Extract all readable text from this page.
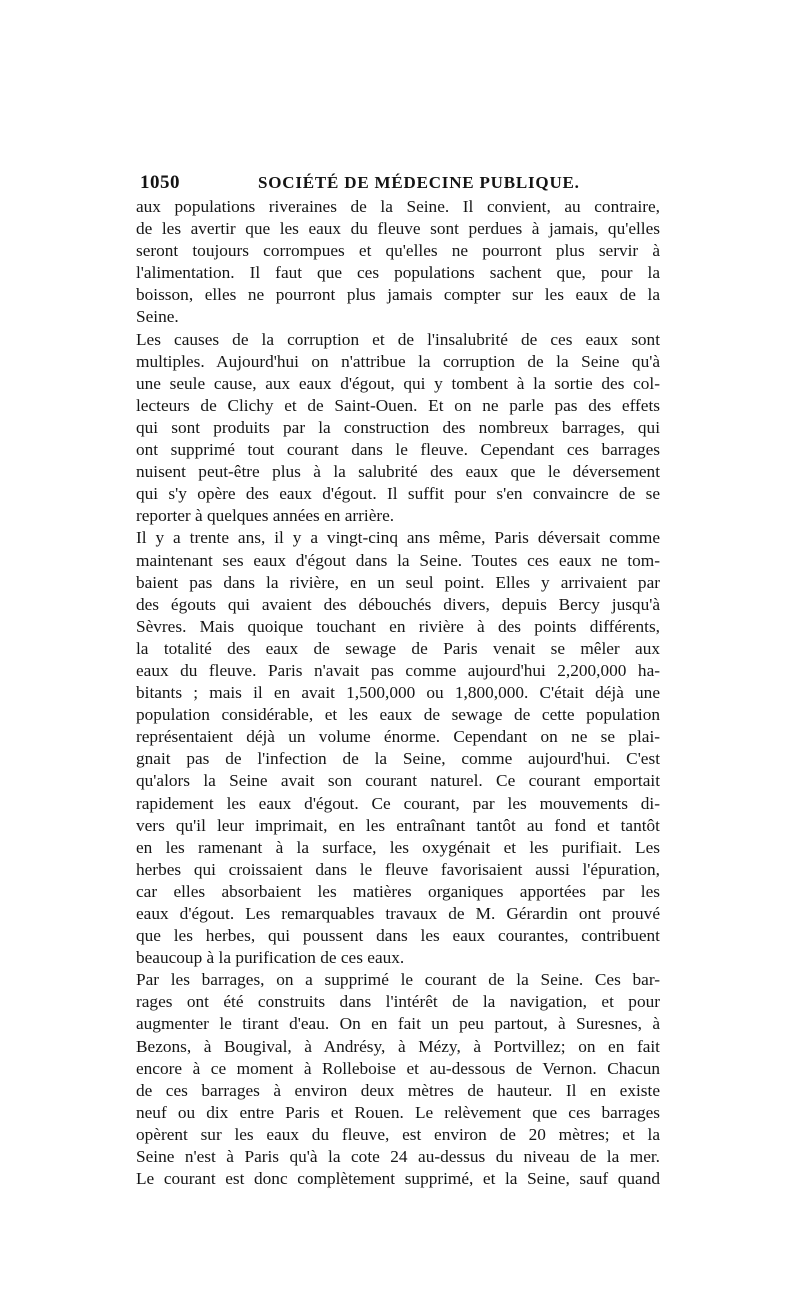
1050	SOCIÉTÉ DE MÉDECINE PUBLIQUE.
aux populations riveraines de la Seine. Il convient, au contraire,
de les avertir que les eaux du fleuve sont perdues à jamais, qu'elles
seront toujours corrompues et qu'elles ne pourront plus servir à
l'alimentation. Il faut que ces populations sachent que, pour la
boisson, elles ne pourront plus jamais compter sur les eaux de la
Seine.
Les causes de la corruption et de l'insalubrité de ces eaux sont
multiples. Aujourd'hui on n'attribue la corruption de la Seine qu'à
une seule cause, aux eaux d'égout, qui y tombent à la sortie des col-
lecteurs de Clichy et de Saint-Ouen. Et on ne parle pas des effets
qui sont produits par la construction des nombreux barrages, qui
ont supprimé tout courant dans le fleuve. Cependant ces barrages
nuisent peut-être plus à la salubrité des eaux que le déversement
qui s'y opère des eaux d'égout. Il suffit pour s'en convaincre de se
reporter à quelques années en arrière.
Il y a trente ans, il y a vingt-cinq ans même, Paris déversait comme
maintenant ses eaux d'égout dans la Seine. Toutes ces eaux ne tom-
baient pas dans la rivière, en un seul point. Elles y arrivaient par
des égouts qui avaient des débouchés divers, depuis Bercy jusqu'à
Sèvres. Mais quoique touchant en rivière à des points différents,
la totalité des eaux de sewage de Paris venait se mêler aux
eaux du fleuve. Paris n'avait pas comme aujourd'hui 2,200,000 ha-
bitants ; mais il en avait 1,500,000 ou 1,800,000. C'était déjà une
population considérable, et les eaux de sewage de cette population
représentaient déjà un volume énorme. Cependant on ne se plai-
gnait pas de l'infection de la Seine, comme aujourd'hui. C'est
qu'alors la Seine avait son courant naturel. Ce courant emportait
rapidement les eaux d'égout. Ce courant, par les mouvements di-
vers qu'il leur imprimait, en les entraînant tantôt au fond et tantôt
en les ramenant à la surface, les oxygénait et les purifiait. Les
herbes qui croissaient dans le fleuve favorisaient aussi l'épuration,
car elles absorbaient les matières organiques apportées par les
eaux d'égout. Les remarquables travaux de M. Gérardin ont prouvé
que les herbes, qui poussent dans les eaux courantes, contribuent
beaucoup à la purification de ces eaux.
Par les barrages, on a supprimé le courant de la Seine. Ces bar-
rages ont été construits dans l'intérêt de la navigation, et pour
augmenter le tirant d'eau. On en fait un peu partout, à Suresnes, à
Bezons, à Bougival, à Andrésy, à Mézy, à Portvillez; on en fait
encore à ce moment à Rolleboise et au-dessous de Vernon. Chacun
de ces barrages à environ deux mètres de hauteur. Il en existe
neuf ou dix entre Paris et Rouen. Le relèvement que ces barrages
opèrent sur les eaux du fleuve, est environ de 20 mètres; et la
Seine n'est à Paris qu'à la cote 24 au-dessus du niveau de la mer.
Le courant est donc complètement supprimé, et la Seine, sauf quand
